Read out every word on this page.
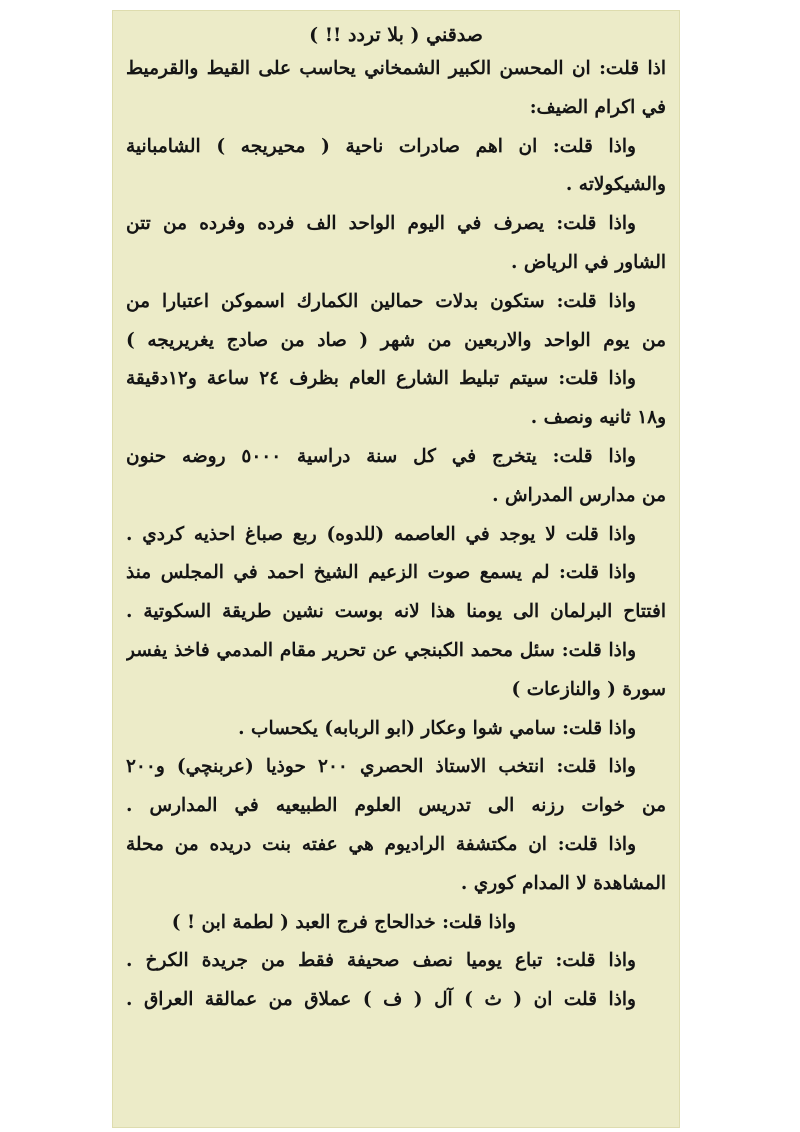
صدقني ( بلا تردد !! )
اذا قلت: ان المحسن الكبير الشمخاني يحاسب على القيط والقرميط
في اكرام الضيف:
واذا قلت: ان اهم صادرات ناحية ( محيريجه ) الشامبانية
والشيكولاته .
واذا قلت: يصرف في اليوم الواحد الف فرده وفرده من تتن
الشاور في الرياض .
واذا قلت: ستكون بدلات حمالين الكمارك اسموكن اعتبارا من
من يوم الواحد والاربعين من شهر ( صاد من صادج يغريريجه )
واذا قلت: سيتم تبليط الشارع العام بظرف ٢٤ ساعة و١٢دقيقة
و١٨ ثانيه ونصف .
واذا قلت: يتخرج في كل سنة دراسية ٥٠٠٠ روضه حنون
من مدارس المدراش .
واذا قلت لا يوجد في العاصمه (للدوه) ربع صباغ احذيه كردي .
واذا قلت: لم يسمع صوت الزعيم الشيخ احمد في المجلس منذ
افتتاح البرلمان الى يومنا هذا لانه بوست نشين طريقة السكوتية .
واذا قلت: سئل محمد الكبنجي عن تحرير مقام المدمي فاخذ يفسر
سورة ( والنازعات )
واذا قلت: سامي شوا وعكار (ابو الربابه) يكحساب .
واذا قلت: انتخب الاستاذ الحصري ٢٠٠ حوذيا (عربنچي) و٢٠٠
من خوات رزنه الى تدريس العلوم الطبيعيه في المدارس .
واذا قلت: ان مكتشفة الراديوم هي عفته بنت دريده من محلة
المشاهدة لا المدام كوري .
واذا قلت: خدالحاج فرج العبد ( لطمة ابن ! )
واذا قلت: تباع يوميا نصف صحيفة فقط من جريدة الكرخ .
واذا قلت ان ( ث ) آل ( ف ) عملاق من عمالقة العراق .
